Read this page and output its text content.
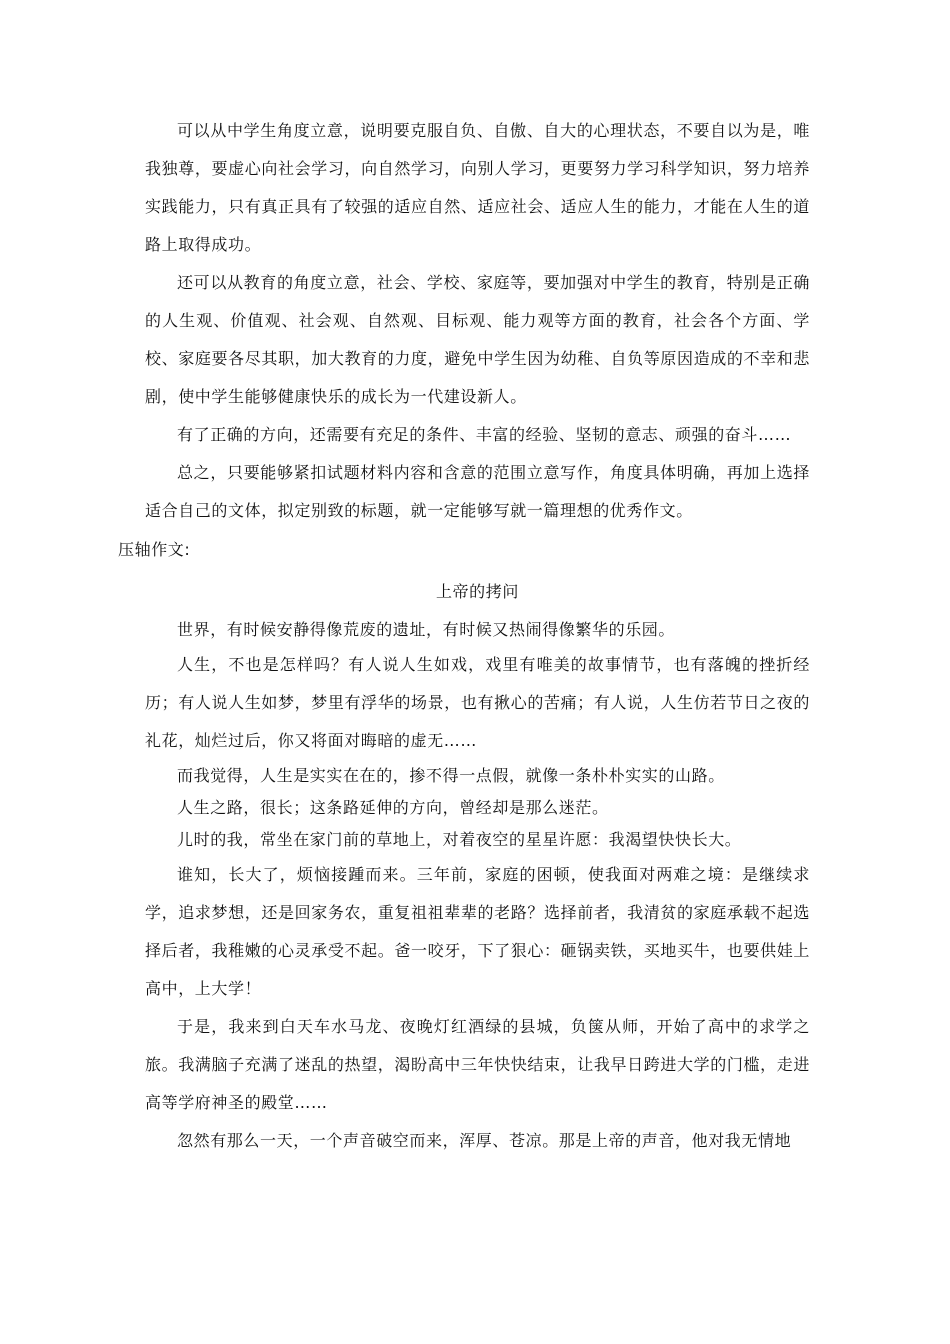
可以从中学生角度立意，说明要克服自负、自傲、自大的心理状态，不要自以为是，唯我独尊，要虚心向社会学习，向自然学习，向别人学习，更要努力学习科学知识，努力培养实践能力，只有真正具有了较强的适应自然、适应社会、适应人生的能力，才能在人生的道路上取得成功。

还可以从教育的角度立意，社会、学校、家庭等，要加强对中学生的教育，特别是正确的人生观、价值观、社会观、自然观、目标观、能力观等方面的教育，社会各个方面、学校、家庭要各尽其职，加大教育的力度，避免中学生因为幼稚、自负等原因造成的不幸和悲剧，使中学生能够健康快乐的成长为一代建设新人。

有了正确的方向，还需要有充足的条件、丰富的经验、坚韧的意志、顽强的奋斗……

总之，只要能够紧扣试题材料内容和含意的范围立意写作，角度具体明确，再加上选择适合自己的文体，拟定别致的标题，就一定能够写就一篇理想的优秀作文。

压轴作文:
上帝的拷问

世界，有时候安静得像荒废的遗址，有时候又热闹得像繁华的乐园。

人生，不也是怎样吗？有人说人生如戏，戏里有唯美的故事情节，也有落魄的挫折经历；有人说人生如梦，梦里有浮华的场景，也有揪心的苦痛；有人说，人生仿若节日之夜的礼花，灿烂过后，你又将面对晦暗的虚无……

而我觉得，人生是实实在在的，掺不得一点假，就像一条朴朴实实的山路。

人生之路，很长；这条路延伸的方向，曾经却是那么迷茫。

儿时的我，常坐在家门前的草地上，对着夜空的星星许愿：我渴望快快长大。

谁知，长大了，烦恼接踵而来。三年前，家庭的困顿，使我面对两难之境：是继续求学，追求梦想，还是回家务农，重复祖祖辈辈的老路？选择前者，我清贫的家庭承载不起选择后者，我稚嫩的心灵承受不起。爸一咬牙，下了狠心：砸锅卖铁，买地买牛，也要供娃上高中，上大学！

于是，我来到白天车水马龙、夜晚灯红酒绿的县城，负箧从师，开始了高中的求学之旅。我满脑子充满了迷乱的热望，渴盼高中三年快快结束，让我早日跨进大学的门槛，走进高等学府神圣的殿堂……

忽然有那么一天，一个声音破空而来，浑厚、苍凉。那是上帝的声音，他对我无情地
